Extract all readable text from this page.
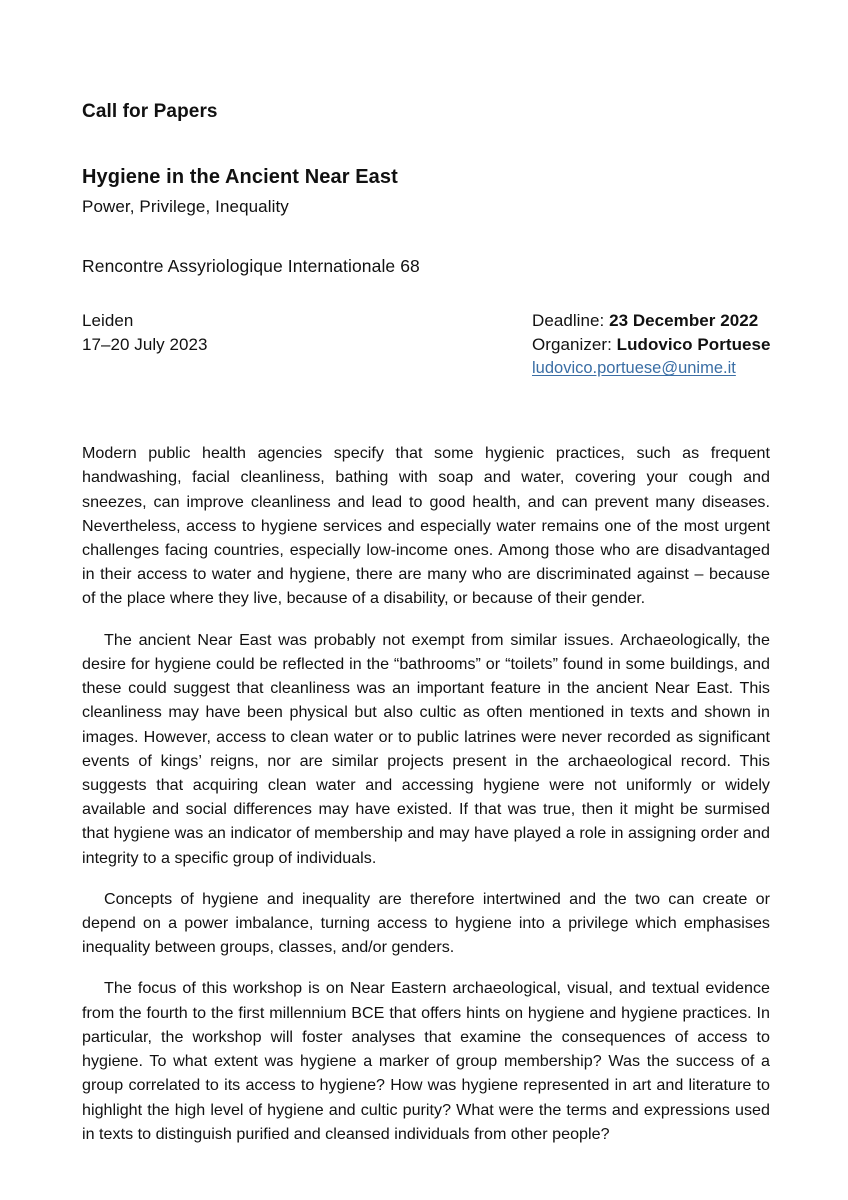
Call for Papers
Hygiene in the Ancient Near East
Power, Privilege, Inequality
Rencontre Assyriologique Internationale 68
Leiden
17–20 July 2023
Deadline: 23 December 2022
Organizer: Ludovico Portuese
ludovico.portuese@unime.it

Modern public health agencies specify that some hygienic practices, such as frequent handwashing, facial cleanliness, bathing with soap and water, covering your cough and sneezes, can improve cleanliness and lead to good health, and can prevent many diseases. Nevertheless, access to hygiene services and especially water remains one of the most urgent challenges facing countries, especially low-income ones. Among those who are disadvantaged in their access to water and hygiene, there are many who are discriminated against – because of the place where they live, because of a disability, or because of their gender.

The ancient Near East was probably not exempt from similar issues. Archaeologically, the desire for hygiene could be reflected in the “bathrooms” or “toilets” found in some buildings, and these could suggest that cleanliness was an important feature in the ancient Near East. This cleanliness may have been physical but also cultic as often mentioned in texts and shown in images. However, access to clean water or to public latrines were never recorded as significant events of kings’ reigns, nor are similar projects present in the archaeological record. This suggests that acquiring clean water and accessing hygiene were not uniformly or widely available and social differences may have existed. If that was true, then it might be surmised that hygiene was an indicator of membership and may have played a role in assigning order and integrity to a specific group of individuals.

Concepts of hygiene and inequality are therefore intertwined and the two can create or depend on a power imbalance, turning access to hygiene into a privilege which emphasises inequality between groups, classes, and/or genders.

The focus of this workshop is on Near Eastern archaeological, visual, and textual evidence from the fourth to the first millennium BCE that offers hints on hygiene and hygiene practices. In particular, the workshop will foster analyses that examine the consequences of access to hygiene. To what extent was hygiene a marker of group membership? Was the success of a group correlated to its access to hygiene? How was hygiene represented in art and literature to highlight the high level of hygiene and cultic purity? What were the terms and expressions used in texts to distinguish purified and cleansed individuals from other people?
